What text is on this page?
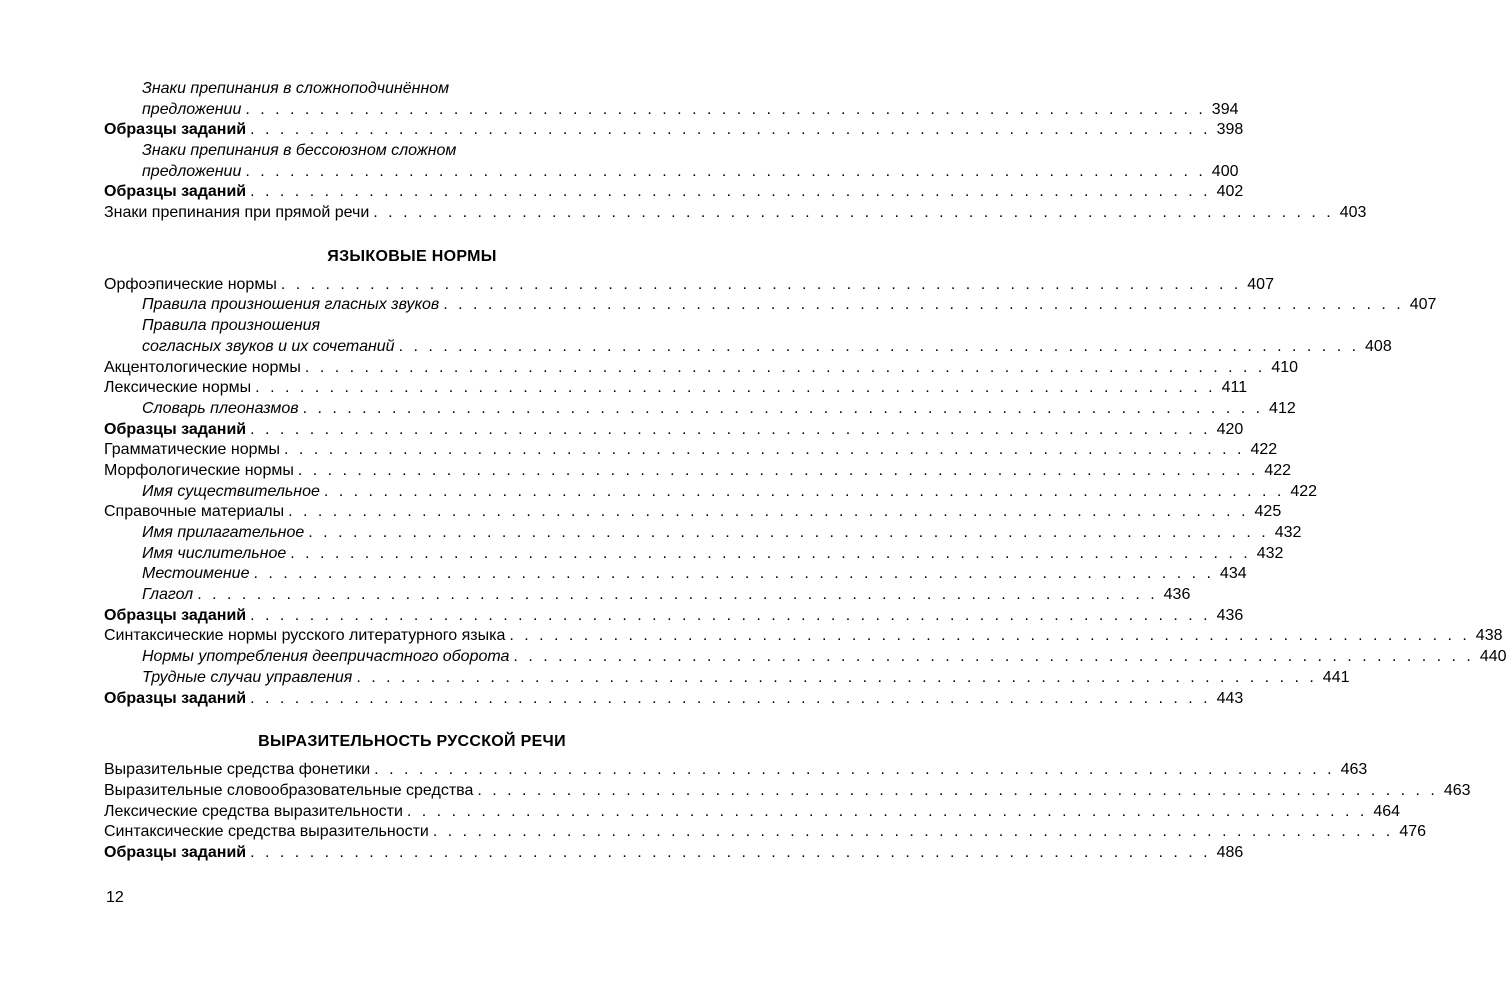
Знаки препинания в сложноподчинённом
предложении . . . . . . . . . . . . . . . . . . . . . . . . . . . . . . . . . . . . . . . . . . . . . . . . . . . . . . . . . . . . . . . . . 394
Образцы заданий . . . . . . . . . . . . . . . . . . . . . . . . . . . . . . . . . . . . . . . . . . . . . . . . . . . . . . . . . . . . . . . . . 398
Знаки препинания в бессоюзном сложном
предложении . . . . . . . . . . . . . . . . . . . . . . . . . . . . . . . . . . . . . . . . . . . . . . . . . . . . . . . . . . . . . . . . . 400
Образцы заданий . . . . . . . . . . . . . . . . . . . . . . . . . . . . . . . . . . . . . . . . . . . . . . . . . . . . . . . . . . . . . . . . . 402
Знаки препинания при прямой речи . . . . . . . . . . . . . . . . . . . . . . . . . . . . . . . . . . . . . . . . . . . . . . . . . . . . . . . . . . . . . . . . . 403
ЯЗЫКОВЫЕ НОРМЫ
Орфоэпические нормы . . . . . . . . . . . . . . . . . . . . . . . . . . . . . . . . . . . . . . . . . . . . . . . . . . . . . . . . . . . . . . . . . 407
Правила произношения гласных звуков . . . . . . . . . . . . . . . . . . . . . . . . . . . . . . . . . . . . . . . . . . . . . . . . . . . . . . . . . . . . . . . . . 407
Правила произношения
согласных звуков и их сочетаний . . . . . . . . . . . . . . . . . . . . . . . . . . . . . . . . . . . . . . . . . . . . . . . . . . . . . . . . . . . . . . . . . 408
Акцентологические нормы . . . . . . . . . . . . . . . . . . . . . . . . . . . . . . . . . . . . . . . . . . . . . . . . . . . . . . . . . . . . . . . . . 410
Лексические нормы . . . . . . . . . . . . . . . . . . . . . . . . . . . . . . . . . . . . . . . . . . . . . . . . . . . . . . . . . . . . . . . . . 411
Словарь плеоназмов . . . . . . . . . . . . . . . . . . . . . . . . . . . . . . . . . . . . . . . . . . . . . . . . . . . . . . . . . . . . . . . . . 412
Образцы заданий . . . . . . . . . . . . . . . . . . . . . . . . . . . . . . . . . . . . . . . . . . . . . . . . . . . . . . . . . . . . . . . . . 420
Грамматические нормы . . . . . . . . . . . . . . . . . . . . . . . . . . . . . . . . . . . . . . . . . . . . . . . . . . . . . . . . . . . . . . . . . 422
Морфологические нормы . . . . . . . . . . . . . . . . . . . . . . . . . . . . . . . . . . . . . . . . . . . . . . . . . . . . . . . . . . . . . . . . . 422
Имя существительное . . . . . . . . . . . . . . . . . . . . . . . . . . . . . . . . . . . . . . . . . . . . . . . . . . . . . . . . . . . . . . . . . 422
Справочные материалы . . . . . . . . . . . . . . . . . . . . . . . . . . . . . . . . . . . . . . . . . . . . . . . . . . . . . . . . . . . . . . . . . 425
Имя прилагательное . . . . . . . . . . . . . . . . . . . . . . . . . . . . . . . . . . . . . . . . . . . . . . . . . . . . . . . . . . . . . . . . . 432
Имя числительное . . . . . . . . . . . . . . . . . . . . . . . . . . . . . . . . . . . . . . . . . . . . . . . . . . . . . . . . . . . . . . . . . 432
Местоимение . . . . . . . . . . . . . . . . . . . . . . . . . . . . . . . . . . . . . . . . . . . . . . . . . . . . . . . . . . . . . . . . . 434
Глагол . . . . . . . . . . . . . . . . . . . . . . . . . . . . . . . . . . . . . . . . . . . . . . . . . . . . . . . . . . . . . . . . . 436
Образцы заданий . . . . . . . . . . . . . . . . . . . . . . . . . . . . . . . . . . . . . . . . . . . . . . . . . . . . . . . . . . . . . . . . . 436
Синтаксические нормы русского литературного языка . . . . . . . . . . . . . . . . . . . . . . . . . . . . . . . . . . . . . . . . . . . . . . . . . . . . . . . . . . . . . . . . . 438
Нормы употребления деепричастного оборота . . . . . . . . . . . . . . . . . . . . . . . . . . . . . . . . . . . . . . . . . . . . . . . . . . . . . . . . . . . . . . . . . 440
Трудные случаи управления . . . . . . . . . . . . . . . . . . . . . . . . . . . . . . . . . . . . . . . . . . . . . . . . . . . . . . . . . . . . . . . . . 441
Образцы заданий . . . . . . . . . . . . . . . . . . . . . . . . . . . . . . . . . . . . . . . . . . . . . . . . . . . . . . . . . . . . . . . . . 443
ВЫРАЗИТЕЛЬНОСТЬ РУССКОЙ РЕЧИ
Выразительные средства фонетики . . . . . . . . . . . . . . . . . . . . . . . . . . . . . . . . . . . . . . . . . . . . . . . . . . . . . . . . . . . . . . . . . 463
Выразительные словообразовательные средства . . . . . . . . . . . . . . . . . . . . . . . . . . . . . . . . . . . . . . . . . . . . . . . . . . . . . . . . . . . . . . . . . 463
Лексические средства выразительности . . . . . . . . . . . . . . . . . . . . . . . . . . . . . . . . . . . . . . . . . . . . . . . . . . . . . . . . . . . . . . . . . 464
Синтаксические средства выразительности . . . . . . . . . . . . . . . . . . . . . . . . . . . . . . . . . . . . . . . . . . . . . . . . . . . . . . . . . . . . . . . . . 476
Образцы заданий . . . . . . . . . . . . . . . . . . . . . . . . . . . . . . . . . . . . . . . . . . . . . . . . . . . . . . . . . . . . . . . . . 486
12
